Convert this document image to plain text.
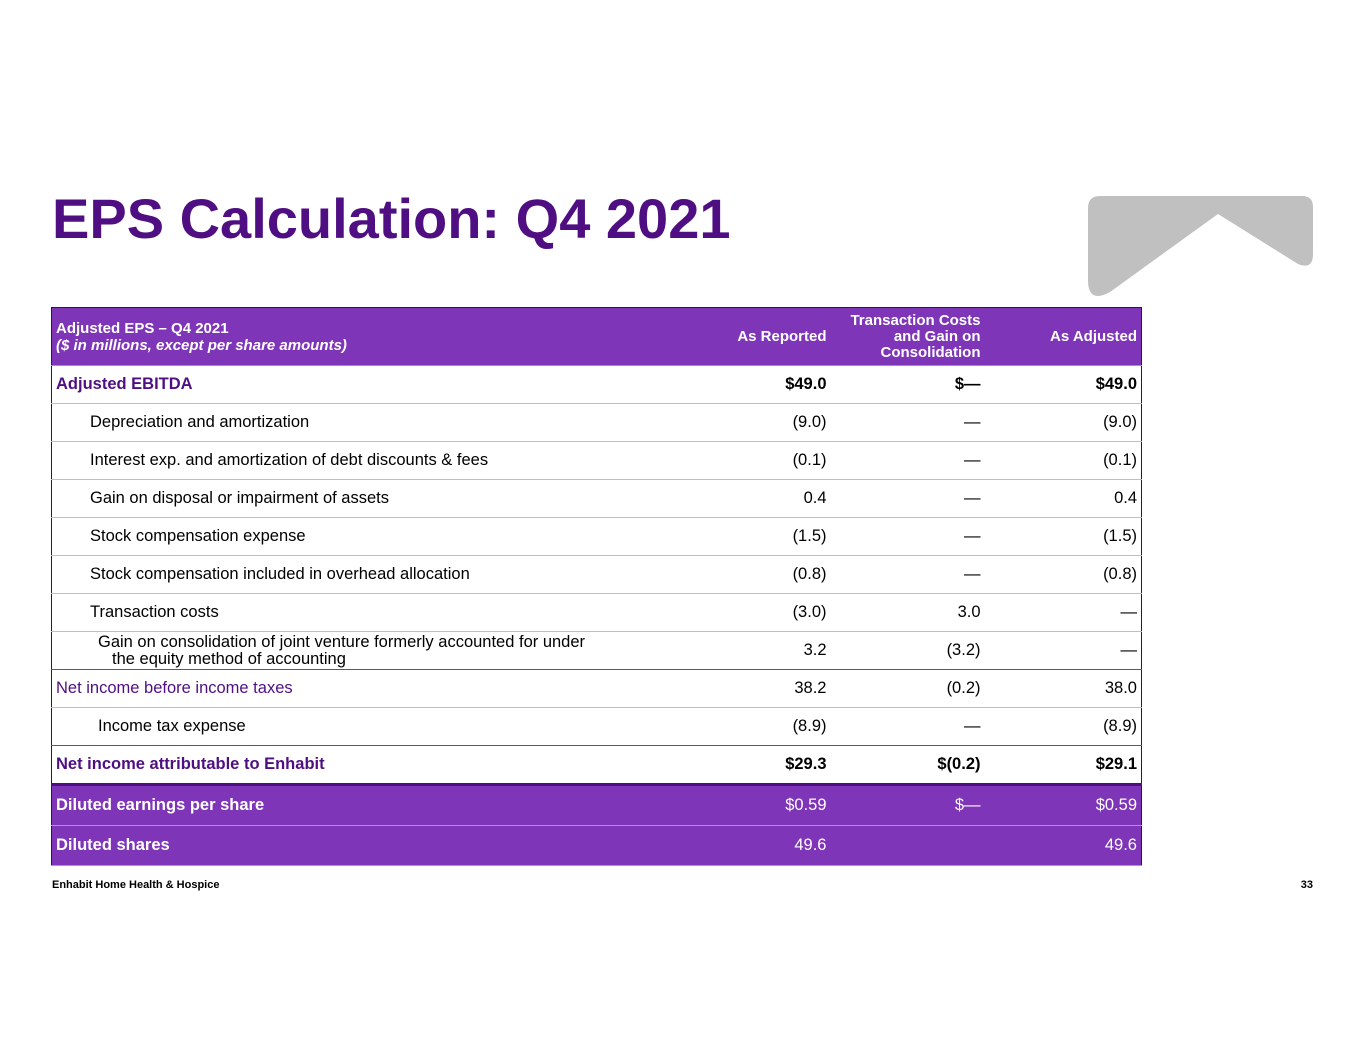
EPS Calculation: Q4 2021
Adjusted EPS – Q4 2021
($ in millions, except per share amounts)	As Reported	Transaction Costs and Gain on Consolidation	As Adjusted
Adjusted EBITDA	$49.0	$—	$49.0
Depreciation and amortization	(9.0)	—	(9.0)
Interest exp. and amortization of debt discounts & fees	(0.1)	—	(0.1)
Gain on disposal or impairment of assets	0.4	—	0.4
Stock compensation expense	(1.5)	—	(1.5)
Stock compensation included in overhead allocation	(0.8)	—	(0.8)
Transaction costs	(3.0)	3.0	—
Gain on consolidation of joint venture formerly accounted for under
the equity method of accounting	3.2	(3.2)	—
Net income before income taxes	38.2	(0.2)	38.0
Income tax expense	(8.9)	—	(8.9)
Net income attributable to Enhabit	$29.3	$(0.2)	$29.1
Diluted earnings per share	$0.59	$—	$0.59
Diluted shares	49.6		49.6
Enhabit Home Health & Hospice	33
